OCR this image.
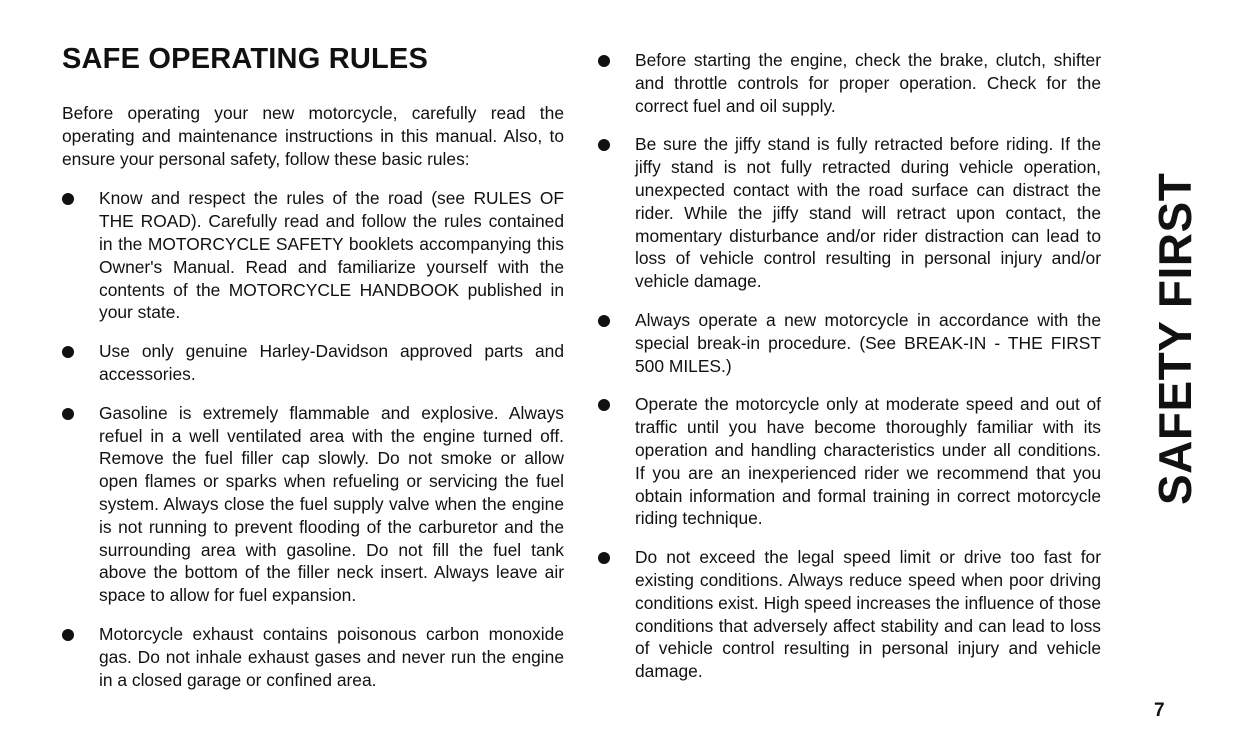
SAFE OPERATING RULES

Before operating your new motorcycle, carefully read the operating and maintenance instructions in this manual. Also, to ensure your personal safety, follow these basic rules:

Know and respect the rules of the road (see RULES OF THE ROAD). Carefully read and follow the rules contained in the MOTORCYCLE SAFETY booklets accompanying this Owner's Manual. Read and familiarize yourself with the contents of the MOTORCYCLE HANDBOOK published in your state.
Use only genuine Harley-Davidson approved parts and accessories.
Gasoline is extremely flammable and explosive. Always refuel in a well ventilated area with the engine turned off. Remove the fuel filler cap slowly. Do not smoke or allow open flames or sparks when refueling or servicing the fuel system. Always close the fuel supply valve when the engine is not running to prevent flooding of the carburetor and the surrounding area with gasoline. Do not fill the fuel tank above the bottom of the filler neck insert. Always leave air space to allow for fuel expansion.
Motorcycle exhaust contains poisonous carbon monoxide gas. Do not inhale exhaust gases and never run the engine in a closed garage or confined area.
Before starting the engine, check the brake, clutch, shifter and throttle controls for proper operation. Check for the correct fuel and oil supply.
Be sure the jiffy stand is fully retracted before riding. If the jiffy stand is not fully retracted during vehicle operation, unexpected contact with the road surface can distract the rider. While the jiffy stand will retract upon contact, the momentary disturbance and/or rider distraction can lead to loss of vehicle control resulting in personal injury and/or vehicle damage.
Always operate a new motorcycle in accordance with the special break-in procedure. (See BREAK-IN - THE FIRST 500 MILES.)
Operate the motorcycle only at moderate speed and out of traffic until you have become thoroughly familiar with its operation and handling characteristics under all conditions. If you are an inexperienced rider we recommend that you obtain information and formal training in correct motorcycle riding technique.
Do not exceed the legal speed limit or drive too fast for existing conditions. Always reduce speed when poor driving conditions exist. High speed increases the influence of those conditions that adversely affect stability and can lead to loss of vehicle control resulting in personal injury and vehicle damage.
SAFETY FIRST
7
